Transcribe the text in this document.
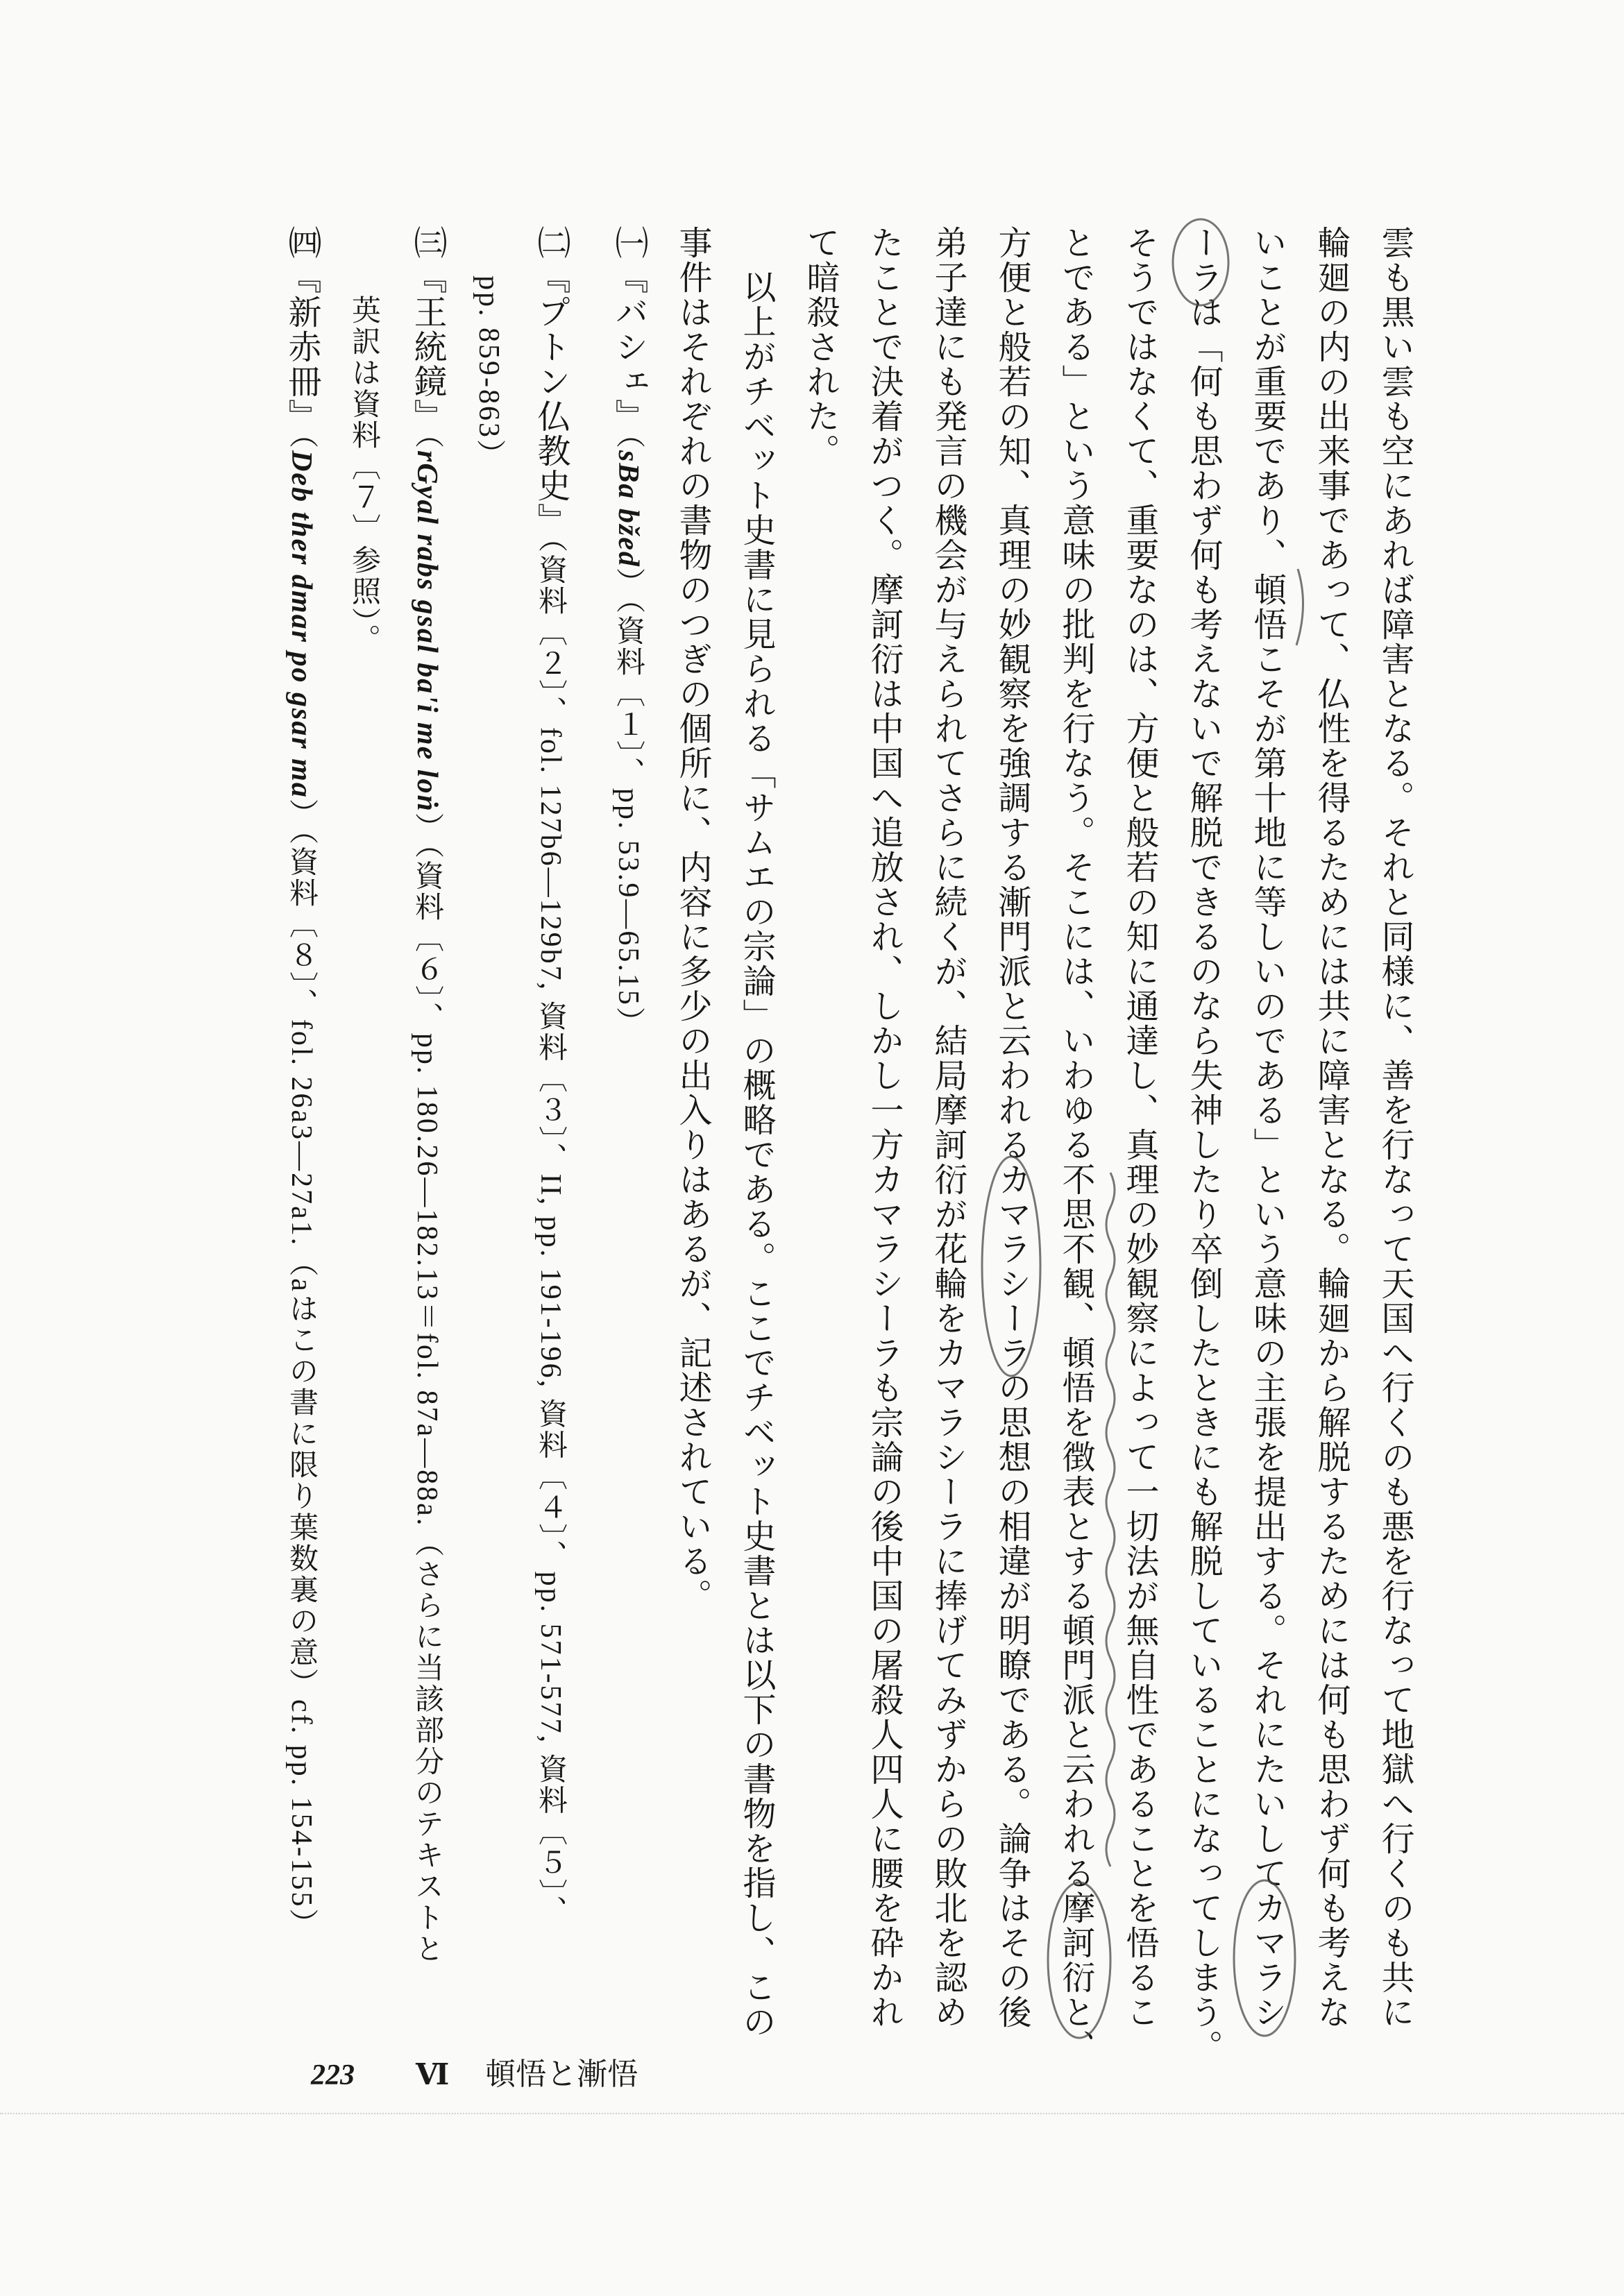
雲も黒い雲も空にあれば障害となる。それと同様に、善を行なって天国へ行くのも悪を行なって地獄へ行くのも共に
輪廻の内の出来事であって、仏性を得るためには共に障害となる。輪廻から解脱するためには何も思わず何も考えな
いことが重要であり、頓悟こそが第十地に等しいのである」という意味の主張を提出する。それにたいしてカマラシ
ーラは「何も思わず何も考えないで解脱できるのなら失神したり卒倒したときにも解脱していることになってしまう。
そうではなくて、重要なのは、方便と般若の知に通達し、真理の妙観察によって一切法が無自性であることを悟るこ
とである」という意味の批判を行なう。そこには、いわゆる不思不観、頓悟を徴表とする頓門派と云われる摩訶衍と、
方便と般若の知、真理の妙観察を強調する漸門派と云われるカマラシーラの思想の相違が明瞭である。論争はその後
弟子達にも発言の機会が与えられてさらに続くが、結局摩訶衍が花輪をカマラシーラに捧げてみずからの敗北を認め
たことで決着がつく。摩訶衍は中国へ追放され、しかし一方カマラシーラも宗論の後中国の屠殺人四人に腰を砕かれ
て暗殺された。
以上がチベット史書に見られる「サムエの宗論」の概略である。ここでチベット史書とは以下の書物を指し、この
事件はそれぞれの書物のつぎの個所に、内容に多少の出入りはあるが、記述されている。
㈠『バシェ』（sBa bžed）（資料〔１〕、pp. 53.9—65.15）
㈡『プトン仏教史』（資料〔２〕、fol. 127b6—129b7, 資料〔３〕、II, pp. 191-196, 資料〔４〕、pp. 571-577, 資料〔５〕、
pp. 859-863）
㈢『王統鏡』（rGyal rabs gsal ba'i me loṅ）（資料〔６〕、pp. 180.26—182.13＝fol. 87a—88a.（さらに当該部分のテキストと
英訳は資料〔７〕参照）。
㈣『新赤冊』（Deb ther dmar po gsar ma）（資料〔８〕、fol. 26a3—27a1.（aはこの書に限り葉数裏の意）cf. pp. 154-155）
223 Ⅵ 頓悟と漸悟
